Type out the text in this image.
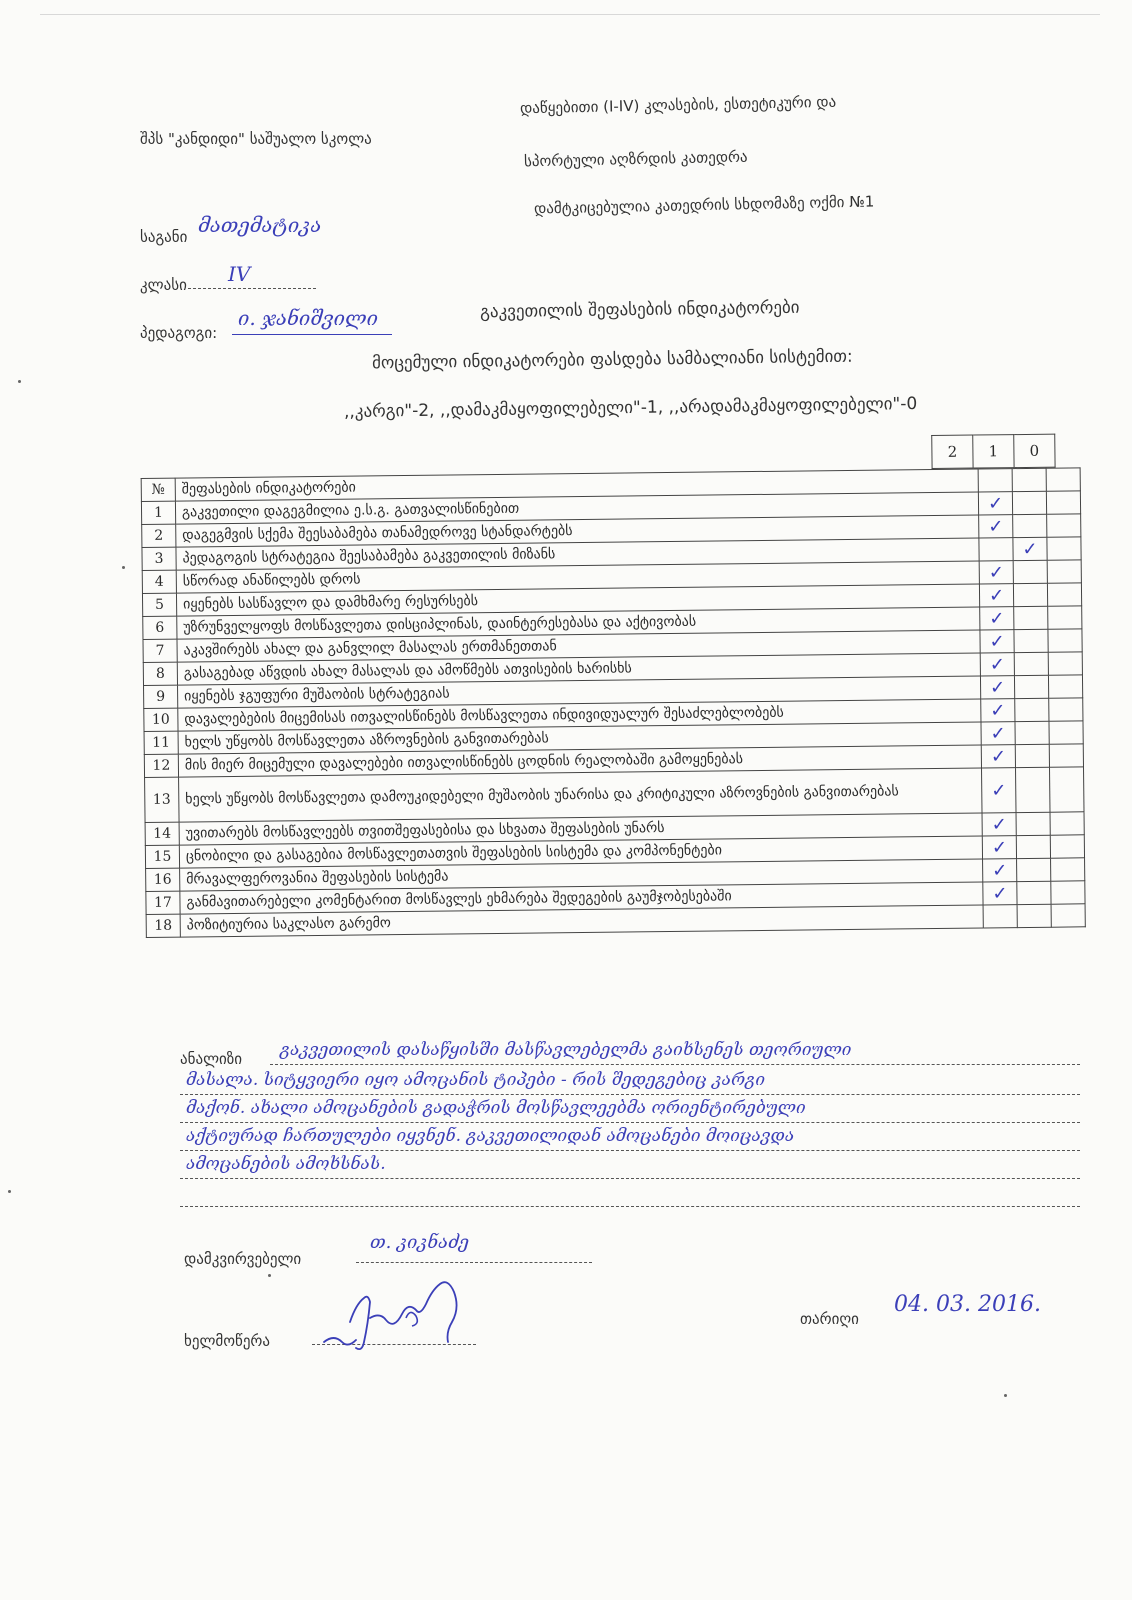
შპს "კანდიდი" საშუალო სკოლა
დაწყებითი (I-IV) კლასების, ესთეტიკური და
სპორტული აღზრდის კათედრა
დამტკიცებულია კათედრის სხდომაზე ოქმი №1
საგანი მათემატიკა
კლასი IV
პედაგოგი:
ი. ჯანიშვილი	გაკვეთილის შეფასების ინდიკატორები
მოცემული ინდიკატორები ფასდება სამბალიანი სისტემით:
,,კარგი"-2, ,,დამაკმაყოფილებელი"-1, ,,არადამაკმაყოფილებელი"-0
2	1	0
№	შეფასების ინდიკატორები			
1	გაკვეთილი დაგეგმილია ე.ს.გ. გათვალისწინებით	✓		
2	დაგეგმვის სქემა შეესაბამება თანამედროვე სტანდარტებს	✓		
3	პედაგოგის სტრატეგია შეესაბამება გაკვეთილის მიზანს		✓	
4	სწორად ანაწილებს დროს	✓		
5	იყენებს სასწავლო და დამხმარე რესურსებს	✓		
6	უზრუნველყოფს მოსწავლეთა დისციპლინას, დაინტერესებასა და აქტივობას	✓		
7	აკავშირებს ახალ და განვლილ მასალას ერთმანეთთან	✓		
8	გასაგებად აწვდის ახალ მასალას და ამოწმებს ათვისების ხარისხს	✓		
9	იყენებს ჯგუფური მუშაობის სტრატეგიას	✓		
10	დავალებების მიცემისას ითვალისწინებს მოსწავლეთა ინდივიდუალურ შესაძლებლობებს	✓		
11	ხელს უწყობს მოსწავლეთა აზროვნების განვითარებას	✓		
12	მის მიერ მიცემული დავალებები ითვალისწინებს ცოდნის რეალობაში გამოყენებას	✓		
13	ხელს უწყობს მოსწავლეთა დამოუკიდებელი მუშაობის უნარისა და კრიტიკული აზროვნების განვითარებას	✓		
14	უვითარებს მოსწავლეებს თვითშეფასებისა და სხვათა შეფასების უნარს	✓		
15	ცნობილი და გასაგებია მოსწავლეთათვის შეფასების სისტემა და კომპონენტები	✓		
16	მრავალფეროვანია შეფასების სისტემა	✓		
17	განმავითარებელი კომენტარით მოსწავლეს ეხმარება შედეგების გაუმჯობესებაში	✓		
18	პოზიტიურია საკლასო გარემო			
ანალიზი გაკვეთილის დასაწყისში მასწავლებელმა გაიხსენეს თეორიული
მასალა. სიტყვიერი იყო ამოცანის ტიპები - რის შედეგებიც კარგი
მაქონ. ახალი ამოცანების გადაჭრის მოსწავლეებმა ორიენტირებული
აქტიურად ჩართულები იყვნენ. გაკვეთილიდან ამოცანები მოიცავდა
ამოცანების ამოხსნას.
დამკვირვებელი
თ. კიკნაძე
თარიღი
04. 03. 2016.
ხელმოწერა
